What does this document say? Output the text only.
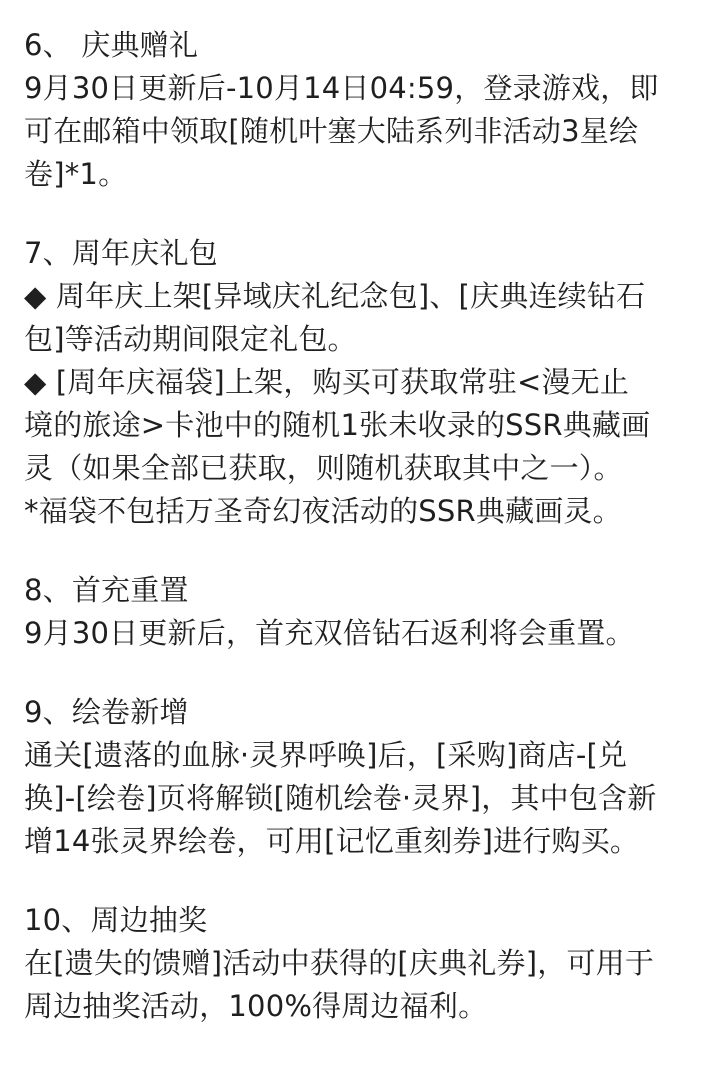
6、 庆典赠礼
9月30日更新后-10月14日04:59，登录游戏，即
可在邮箱中领取[随机叶塞大陆系列非活动3星绘
卷]*1。
7、周年庆礼包
◆ 周年庆上架[异域庆礼纪念包]、[庆典连续钻石
包]等活动期间限定礼包。
◆ [周年庆福袋]上架，购买可获取常驻<漫无止
境的旅途>卡池中的随机1张未收录的SSR典藏画
灵（如果全部已获取，则随机获取其中之一）。
*福袋不包括万圣奇幻夜活动的SSR典藏画灵。
8、首充重置
9月30日更新后，首充双倍钻石返利将会重置。
9、绘卷新增
通关[遗落的血脉·灵界呼唤]后，[采购]商店-[兑
换]-[绘卷]页将解锁[随机绘卷·灵界]，其中包含新
增14张灵界绘卷，可用[记忆重刻券]进行购买。
10、周边抽奖
在[遗失的馈赠]活动中获得的[庆典礼券]，可用于
周边抽奖活动，100%得周边福利。
